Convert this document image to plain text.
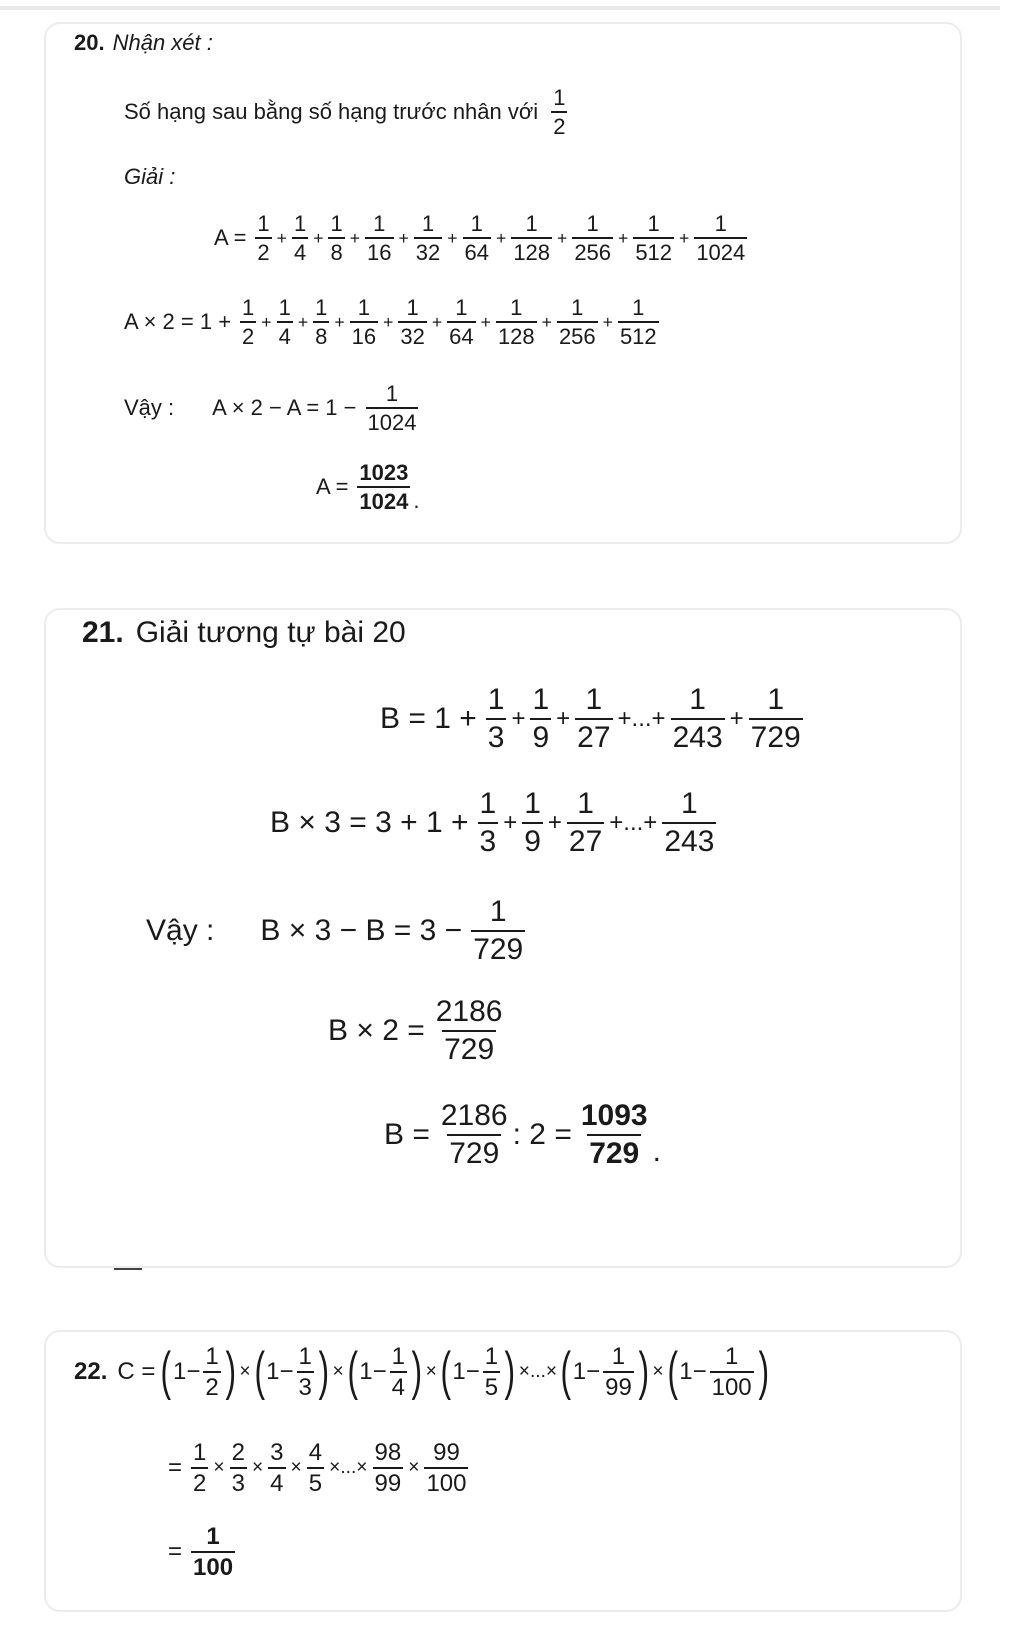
20. Nhận xét :
Số hạng sau bằng số hạng trước nhân với $\frac{1}{2}$
Giải :
$A = \frac{1}{2} + \frac{1}{4} + \frac{1}{8} + \frac{1}{16} + \frac{1}{32} + \frac{1}{64} + \frac{1}{128} + \frac{1}{256} + \frac{1}{512} + \frac{1}{1024}$
$A \times 2 = 1 + \frac{1}{2} + \frac{1}{4} + \frac{1}{8} + \frac{1}{16} + \frac{1}{32} + \frac{1}{64} + \frac{1}{128} + \frac{1}{256} + \frac{1}{512}$
Vậy : $A \times 2 - A = 1 - \frac{1}{1024}$
$A = \frac{1023}{1024}$ .
21. Giải tương tự bài 20
$B = 1 + \frac{1}{3} + \frac{1}{9} + \frac{1}{27}$ +...+ $\frac{1}{243} + \frac{1}{729}$
$B \times 3 = 3 + 1 + \frac{1}{3} + \frac{1}{9} + \frac{1}{27}$ +...+ $\frac{1}{243}$
Vậy : $B \times 3 - B = 3 - \frac{1}{729}$
$B \times 2 = \frac{2186}{729}$
$B = \frac{2186}{729}$ : $2 = \frac{1093}{729}$ .
22. C = ( $1- \frac{1}{2}$ ) × ( $1- \frac{1}{3}$ ) × ( $1- \frac{1}{4}$ ) × ( $1- \frac{1}{5}$ ) ×...× ( $1- \frac{1}{99}$ ) × ( $1- \frac{1}{100}$ )
= $\frac{1}{2} \times \frac{2}{3} \times \frac{3}{4} \times \frac{4}{5}$ ×...× $\frac{98}{99} \times \frac{99}{100}$
= $\frac{1}{100}$
